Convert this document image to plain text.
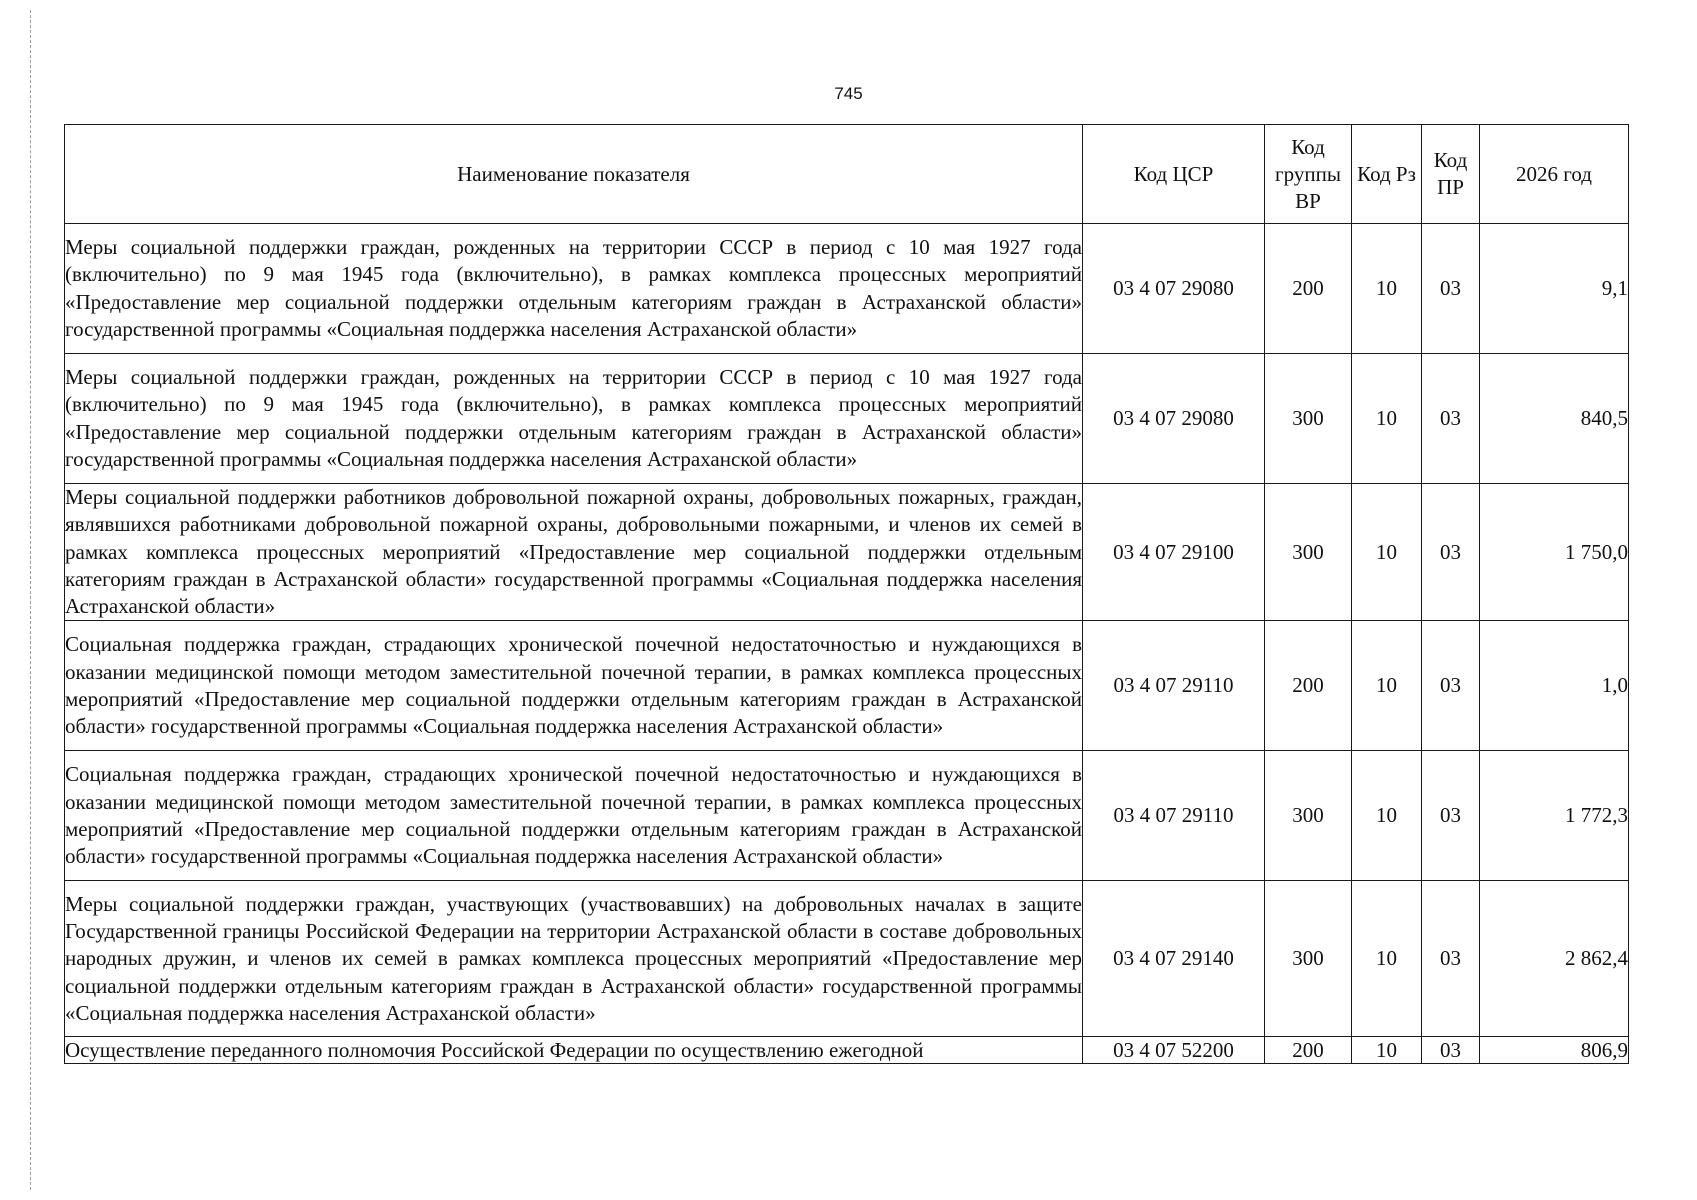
745
Наименование показателя	Код ЦСР	Код группы ВР	Код Рз	Код ПР	2026 год
Меры социальной поддержки граждан, рожденных на территории СССР в период с 10 мая 1927 года (включительно) по 9 мая 1945 года (включительно), в рамках комплекса процессных мероприятий «Предоставление мер социальной поддержки отдельным категориям граждан в Астраханской области» государственной программы «Социальная поддержка населения Астраханской области»	03 4 07 29080	200	10	03	9,1
Меры социальной поддержки граждан, рожденных на территории СССР в период с 10 мая 1927 года (включительно) по 9 мая 1945 года (включительно), в рамках комплекса процессных мероприятий «Предоставление мер социальной поддержки отдельным категориям граждан в Астраханской области» государственной программы «Социальная поддержка населения Астраханской области»	03 4 07 29080	300	10	03	840,5
Меры социальной поддержки работников добровольной пожарной охраны, добровольных пожарных, граждан, являвшихся работниками добровольной пожарной охраны, добровольными пожарными, и членов их семей в рамках комплекса процессных мероприятий «Предоставление мер социальной поддержки отдельным категориям граждан в Астраханской области» государственной программы «Социальная поддержка населения Астраханской области»	03 4 07 29100	300	10	03	1 750,0
Социальная поддержка граждан, страдающих хронической почечной недостаточностью и нуждающихся в оказании медицинской помощи методом заместительной почечной терапии, в рамках комплекса процессных мероприятий «Предоставление мер социальной поддержки отдельным категориям граждан в Астраханской области» государственной программы «Социальная поддержка населения Астраханской области»	03 4 07 29110	200	10	03	1,0
Социальная поддержка граждан, страдающих хронической почечной недостаточностью и нуждающихся в оказании медицинской помощи методом заместительной почечной терапии, в рамках комплекса процессных мероприятий «Предоставление мер социальной поддержки отдельным категориям граждан в Астраханской области» государственной программы «Социальная поддержка населения Астраханской области»	03 4 07 29110	300	10	03	1 772,3
Меры социальной поддержки граждан, участвующих (участвовавших) на добровольных началах в защите Государственной границы Российской Федерации на территории Астраханской области в составе добровольных народных дружин, и членов их семей в рамках комплекса процессных мероприятий «Предоставление мер социальной поддержки отдельным категориям граждан в Астраханской области» государственной программы «Социальная поддержка населения Астраханской области»	03 4 07 29140	300	10	03	2 862,4
Осуществление переданного полномочия Российской Федерации по осуществлению ежегодной	03 4 07 52200	200	10	03	806,9
